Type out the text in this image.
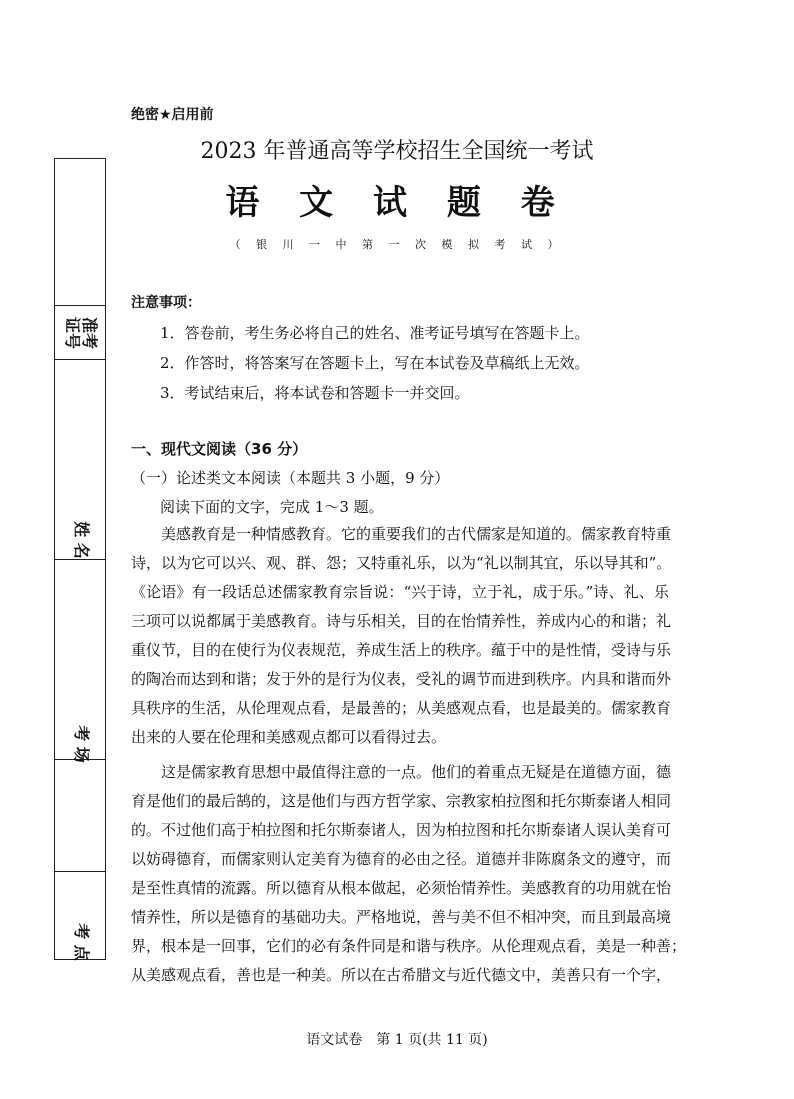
准考
证号
姓 名
考 场
考 点
绝密★启用前
2023 年普通高等学校招生全国统一考试
语 文 试 题 卷
（ 银 川 一 中 第 一 次 模 拟 考 试 ）
注意事项：
1．答卷前，考生务必将自己的姓名、准考证号填写在答题卡上。
2．作答时，将答案写在答题卡上，写在本试卷及草稿纸上无效。
3．考试结束后，将本试卷和答题卡一并交回。
一、现代文阅读（36 分）
（一）论述类文本阅读（本题共 3 小题，9 分）
阅读下面的文字，完成 1～3 题。
美感教育是一种情感教育。它的重要我们的古代儒家是知道的。儒家教育特重
诗，以为它可以兴、观、群、怨；又特重礼乐，以为“礼以制其宜，乐以导其和”。
《论语》有一段话总述儒家教育宗旨说：“兴于诗，立于礼，成于乐。”诗、礼、乐
三项可以说都属于美感教育。诗与乐相关，目的在怡情养性，养成内心的和谐；礼
重仪节，目的在使行为仪表规范，养成生活上的秩序。蕴于中的是性情，受诗与乐
的陶冶而达到和谐；发于外的是行为仪表，受礼的调节而进到秩序。内具和谐而外
具秩序的生活，从伦理观点看，是最善的；从美感观点看，也是最美的。儒家教育
出来的人要在伦理和美感观点都可以看得过去。
这是儒家教育思想中最值得注意的一点。他们的着重点无疑是在道德方面，德
育是他们的最后鹄的，这是他们与西方哲学家、宗教家柏拉图和托尔斯泰诸人相同
的。不过他们高于柏拉图和托尔斯泰诸人，因为柏拉图和托尔斯泰诸人误认美育可
以妨碍德育，而儒家则认定美育为德育的必由之径。道德并非陈腐条文的遵守，而
是至性真情的流露。所以德育从根本做起，必须怡情养性。美感教育的功用就在怡
情养性，所以是德育的基础功夫。严格地说，善与美不但不相冲突，而且到最高境
界，根本是一回事，它们的必有条件同是和谐与秩序。从伦理观点看，美是一种善；
从美感观点看，善也是一种美。所以在古希腊文与近代德文中，美善只有一个字，
语文试卷　第 1 页(共 11 页)
